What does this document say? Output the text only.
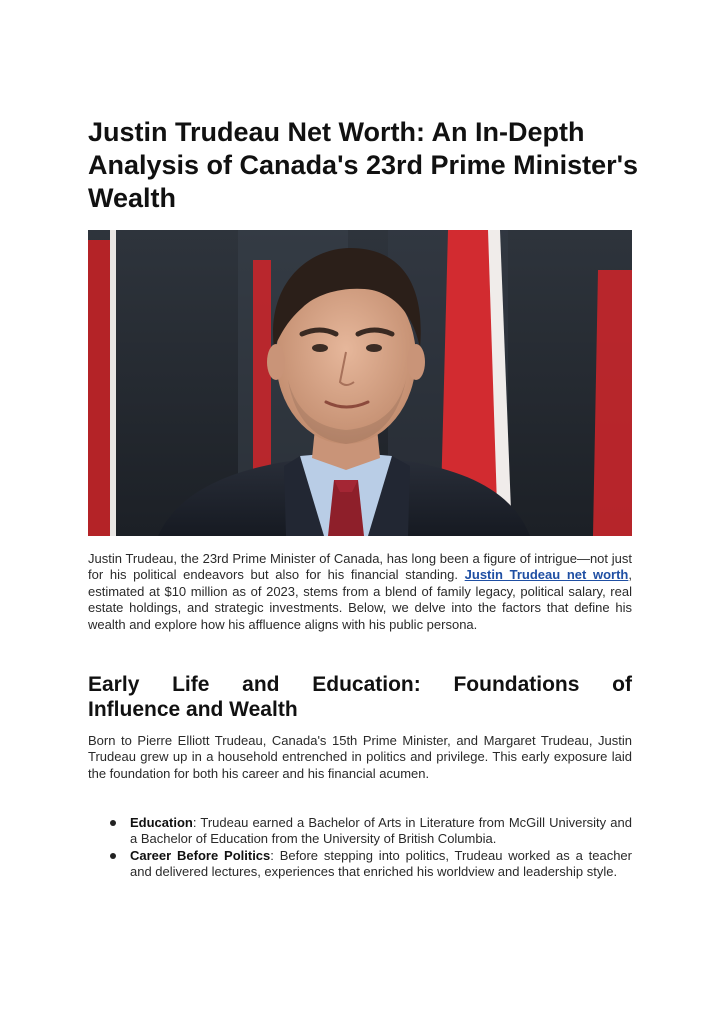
Justin Trudeau Net Worth: An In-Depth Analysis of Canada's 23rd Prime Minister's Wealth

Justin Trudeau, the 23rd Prime Minister of Canada, has long been a figure of intrigue—not just for his political endeavors but also for his financial standing. Justin Trudeau net worth, estimated at $10 million as of 2023, stems from a blend of family legacy, political salary, real estate holdings, and strategic investments. Below, we delve into the factors that define his wealth and explore how his affluence aligns with his public persona.

Early Life and Education: Foundations of
Influence and Wealth

Born to Pierre Elliott Trudeau, Canada's 15th Prime Minister, and Margaret Trudeau, Justin Trudeau grew up in a household entrenched in politics and privilege. This early exposure laid the foundation for both his career and his financial acumen.

Education: Trudeau earned a Bachelor of Arts in Literature from McGill University and a Bachelor of Education from the University of British Columbia.
Career Before Politics: Before stepping into politics, Trudeau worked as a teacher and delivered lectures, experiences that enriched his worldview and leadership style.
